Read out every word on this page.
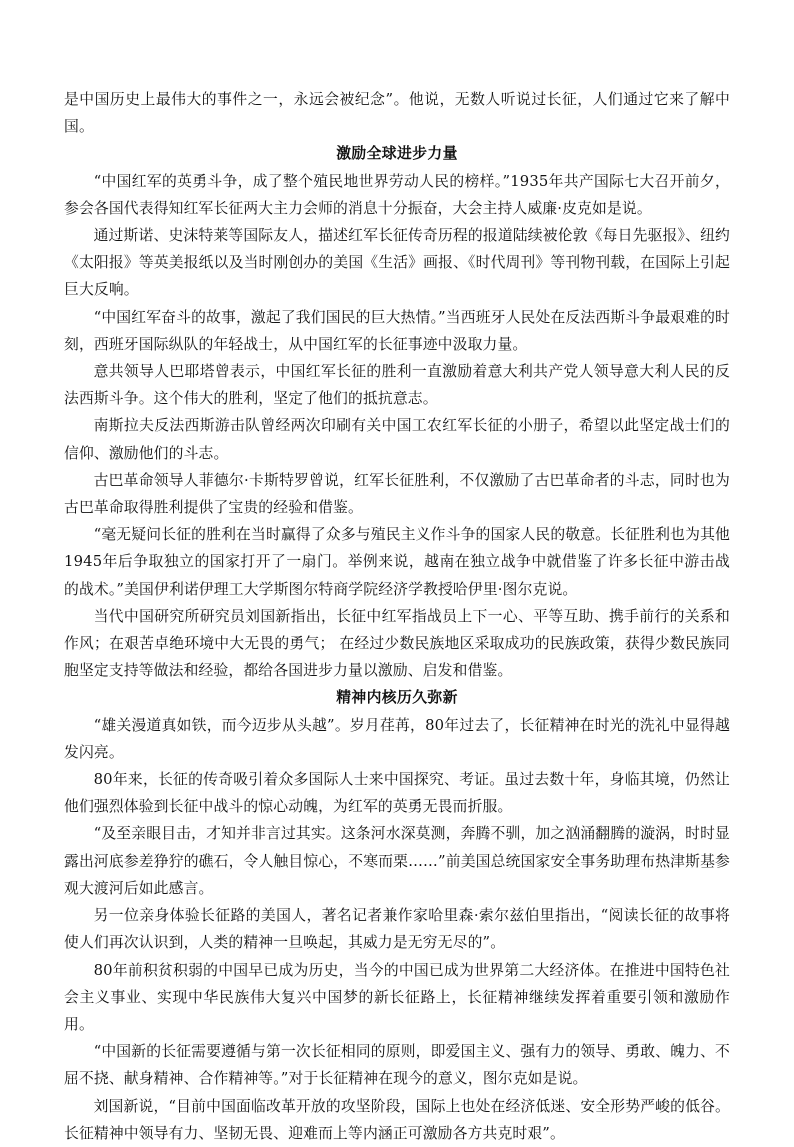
是中国历史上最伟大的事件之一，永远会被纪念”。他说，无数人听说过长征，人们通过它来了解中国。

激励全球进步力量

“中国红军的英勇斗争，成了整个殖民地世界劳动人民的榜样。”1935年共产国际七大召开前夕，参会各国代表得知红军长征两大主力会师的消息十分振奋，大会主持人威廉·皮克如是说。

通过斯诺、史沫特莱等国际友人，描述红军长征传奇历程的报道陆续被伦敦《每日先驱报》、纽约《太阳报》等英美报纸以及当时刚创办的美国《生活》画报、《时代周刊》等刊物刊载，在国际上引起巨大反响。

“中国红军奋斗的故事，激起了我们国民的巨大热情。”当西班牙人民处在反法西斯斗争最艰难的时刻，西班牙国际纵队的年轻战士，从中国红军的长征事迹中汲取力量。

意共领导人巴耶塔曾表示，中国红军长征的胜利一直激励着意大利共产党人领导意大利人民的反法西斯斗争。这个伟大的胜利，坚定了他们的抵抗意志。

南斯拉夫反法西斯游击队曾经两次印刷有关中国工农红军长征的小册子，希望以此坚定战士们的信仰、激励他们的斗志。

古巴革命领导人菲德尔·卡斯特罗曾说，红军长征胜利，不仅激励了古巴革命者的斗志，同时也为古巴革命取得胜利提供了宝贵的经验和借鉴。

“毫无疑问长征的胜利在当时赢得了众多与殖民主义作斗争的国家人民的敬意。长征胜利也为其他1945年后争取独立的国家打开了一扇门。举例来说，越南在独立战争中就借鉴了许多长征中游击战的战术。”美国伊利诺伊理工大学斯图尔特商学院经济学教授哈伊里·图尔克说。

当代中国研究所研究员刘国新指出，长征中红军指战员上下一心、平等互助、携手前行的关系和作风；在艰苦卓绝环境中大无畏的勇气； 在经过少数民族地区采取成功的民族政策，获得少数民族同胞坚定支持等做法和经验，都给各国进步力量以激励、启发和借鉴。

精神内核历久弥新

“雄关漫道真如铁，而今迈步从头越”。岁月荏苒，80年过去了，长征精神在时光的洗礼中显得越发闪亮。

80年来，长征的传奇吸引着众多国际人士来中国探究、考证。虽过去数十年，身临其境，仍然让他们强烈体验到长征中战斗的惊心动魄，为红军的英勇无畏而折服。

“及至亲眼目击，才知并非言过其实。这条河水深莫测，奔腾不驯，加之汹涌翻腾的漩涡，时时显露出河底参差狰狞的礁石，令人触目惊心，不寒而栗……”前美国总统国家安全事务助理布热津斯基参观大渡河后如此感言。

另一位亲身体验长征路的美国人，著名记者兼作家哈里森·索尔兹伯里指出，“阅读长征的故事将使人们再次认识到，人类的精神一旦唤起，其威力是无穷无尽的”。

80年前积贫积弱的中国早已成为历史，当今的中国已成为世界第二大经济体。在推进中国特色社会主义事业、实现中华民族伟大复兴中国梦的新长征路上，长征精神继续发挥着重要引领和激励作用。

“中国新的长征需要遵循与第一次长征相同的原则，即爱国主义、强有力的领导、勇敢、魄力、不屈不挠、献身精神、合作精神等。”对于长征精神在现今的意义，图尔克如是说。

刘国新说，“目前中国面临改革开放的攻坚阶段，国际上也处在经济低迷、安全形势严峻的低谷。长征精神中领导有力、坚韧无畏、迎难而上等内涵正可激励各方共克时艰”。
